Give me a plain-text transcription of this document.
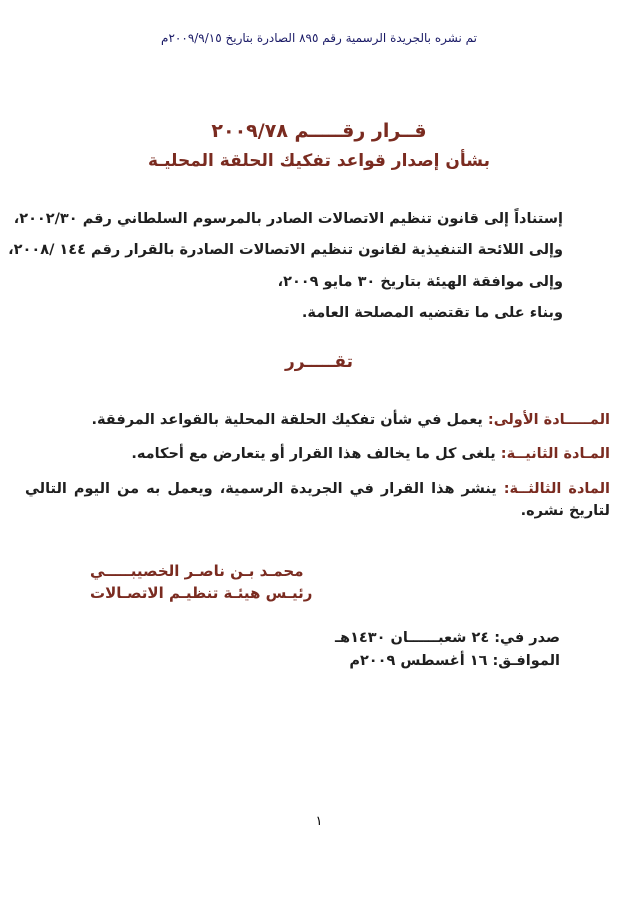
تم نشره بالجريدة الرسمية رقم ٨٩٥ الصادرة بتاريخ ٢٠٠٩/٩/١٥م
قــرار رقـــــم ٢٠٠٩/٧٨
بشأن إصدار قواعد تفكيك الحلقة المحليـة
إستناداً إلى قانون تنظيم الاتصالات الصادر بالمرسوم السلطاني رقم ٢٠٠٢/٣٠،
وإلى اللائحة التنفيذية لقانون تنظيم الاتصالات الصادرة بالقرار رقم ١٤٤ /٢٠٠٨،
وإلى موافقة الهيئة بتاريخ ٣٠ مايو ٢٠٠٩،
وبناء على ما تقتضيه المصلحة العامة.
تقـــــرر
المـــــادة الأولى: يعمل في شأن تفكيك الحلقة المحلية بالقواعد المرفقة.
المـادة الثانيــة: يلغى كل ما يخالف هذا القرار أو يتعارض مع أحكامه.
المادة الثالثــة: ينشر هذا القرار في الجريدة الرسمية، ويعمل به من اليوم التالي لتاريخ نشره.
محمـد بـن ناصـر الخصيبـــــي
رئيـس هيئـة تنظيـم الاتصـالات
صدر في: ٢٤ شعبــــــان ١٤٣٠هـ
الموافـق: ١٦ أغسطس ٢٠٠٩م
١
